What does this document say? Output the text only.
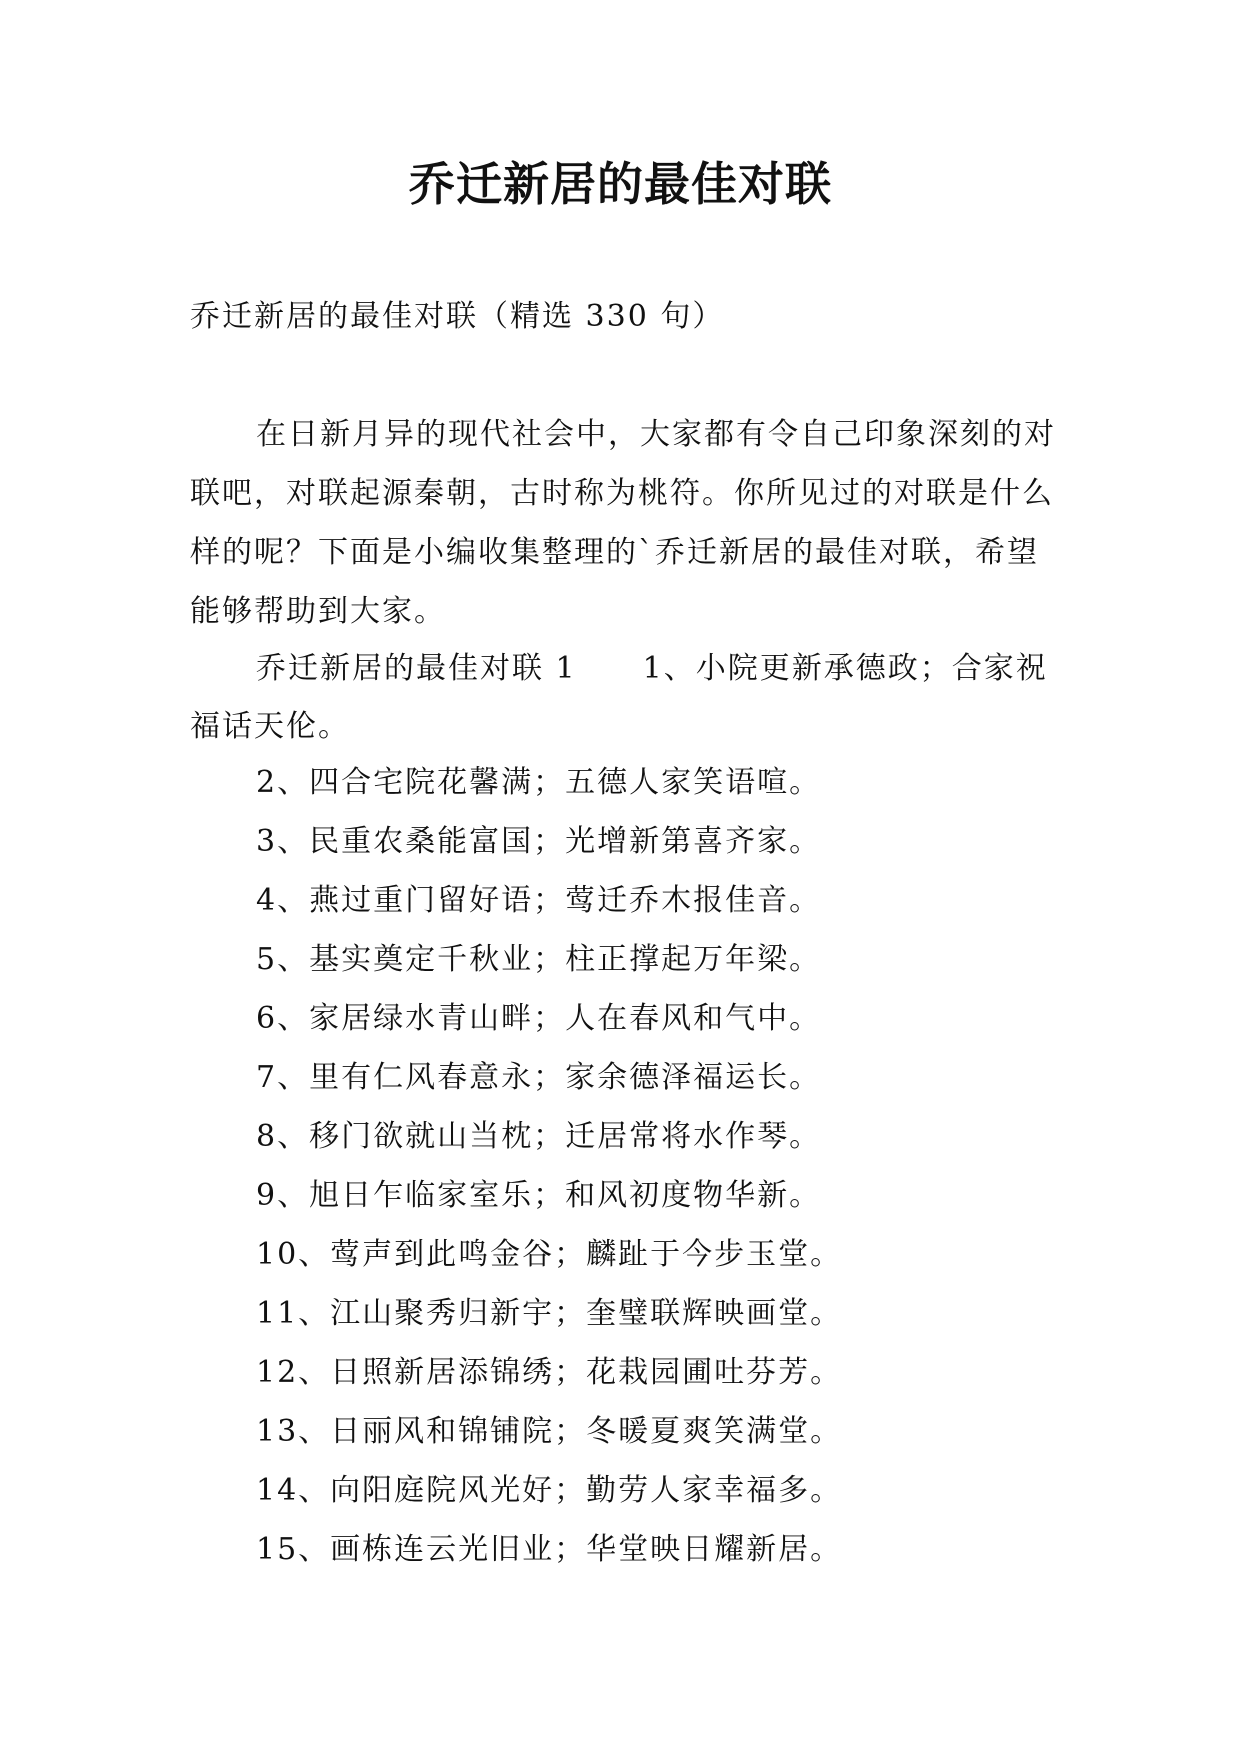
乔迁新居的最佳对联
乔迁新居的最佳对联（精选 330 句）
在日新月异的现代社会中，大家都有令自己印象深刻的对联吧，对联起源秦朝，古时称为桃符。你所见过的对联是什么样的呢？下面是小编收集整理的`乔迁新居的最佳对联，希望能够帮助到大家。
乔迁新居的最佳对联 1 1、小院更新承德政；合家祝福话天伦。
2、四合宅院花馨满；五德人家笑语喧。
3、民重农桑能富国；光增新第喜齐家。
4、燕过重门留好语；莺迁乔木报佳音。
5、基实奠定千秋业；柱正撑起万年梁。
6、家居绿水青山畔；人在春风和气中。
7、里有仁风春意永；家余德泽福运长。
8、移门欲就山当枕；迁居常将水作琴。
9、旭日乍临家室乐；和风初度物华新。
10、莺声到此鸣金谷；麟趾于今步玉堂。
11、江山聚秀归新宇；奎璧联辉映画堂。
12、日照新居添锦绣；花栽园圃吐芬芳。
13、日丽风和锦铺院；冬暖夏爽笑满堂。
14、向阳庭院风光好；勤劳人家幸福多。
15、画栋连云光旧业；华堂映日耀新居。
